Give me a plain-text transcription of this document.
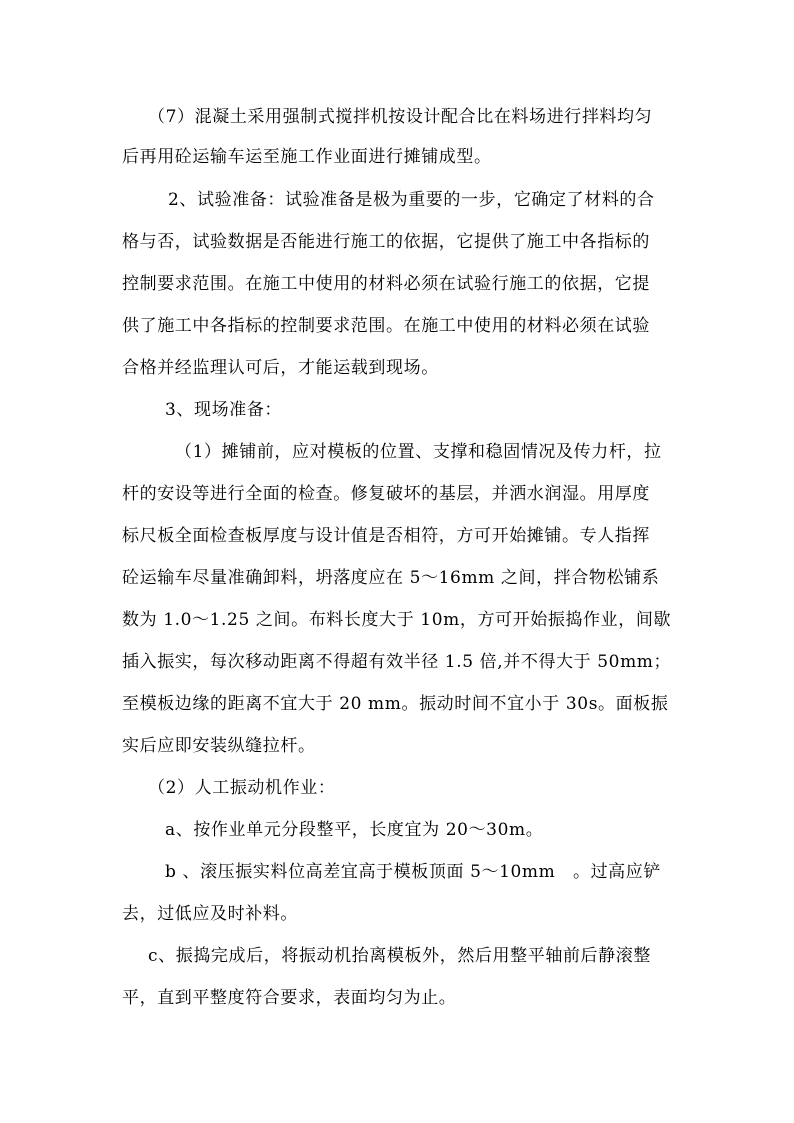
（7）混凝土采用强制式搅拌机按设计配合比在料场进行拌料均匀
后再用砼运输车运至施工作业面进行摊铺成型。
2、试验准备：试验准备是极为重要的一步，它确定了材料的合
格与否，试验数据是否能进行施工的依据，它提供了施工中各指标的
控制要求范围。在施工中使用的材料必须在试验行施工的依据，它提
供了施工中各指标的控制要求范围。在施工中使用的材料必须在试验
合格并经监理认可后，才能运载到现场。
3、现场准备：
（1）摊铺前，应对模板的位置、支撑和稳固情况及传力杆，拉
杆的安设等进行全面的检查。修复破坏的基层，并洒水润湿。用厚度
标尺板全面检查板厚度与设计值是否相符，方可开始摊铺。专人指挥
砼运输车尽量准确卸料，坍落度应在 5～16mm 之间，拌合物松铺系
数为 1.0～1.25 之间。布料长度大于 10m，方可开始振捣作业，间歇
插入振实，每次移动距离不得超有效半径 1.5 倍,并不得大于 50mm；
至模板边缘的距离不宜大于 20 mm。振动时间不宜小于 30s。面板振
实后应即安装纵缝拉杆。
（2）人工振动机作业：
a、按作业单元分段整平，长度宜为 20～30m。
b 、滚压振实料位高差宜高于模板顶面 5～10mm　。过高应铲
去，过低应及时补料。
c、振捣完成后，将振动机抬离模板外，然后用整平轴前后静滚整
平，直到平整度符合要求，表面均匀为止。
